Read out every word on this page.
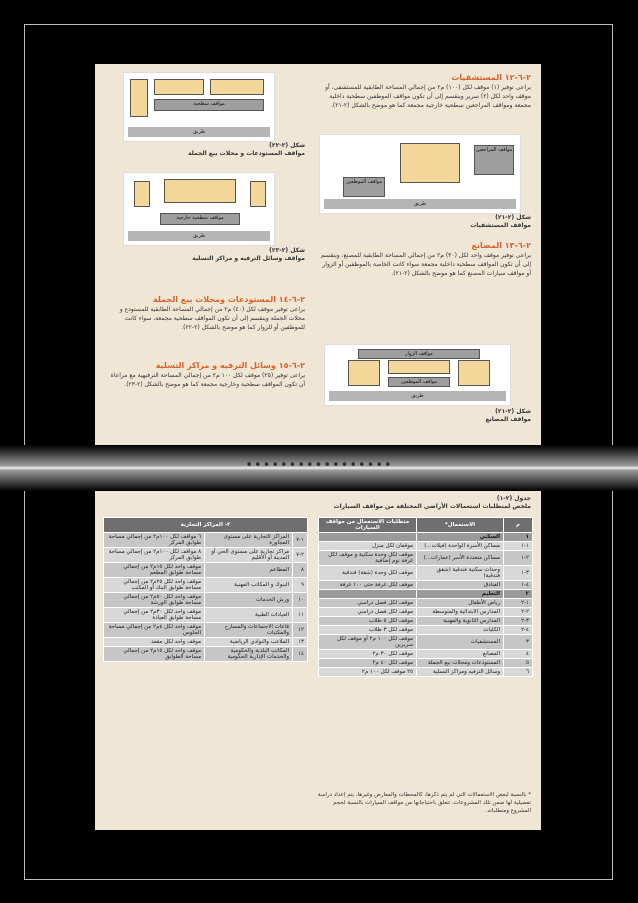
٢-٦-١٢ المستشفيات
يراعى توفير (١) موقف لكل (١٠٠) م٢ من إجمالي المساحة الطابقية للمستشفى، أو موقف واحد لكل (٢) سرير وينقسم إلى أن تكون مواقف الموظفين سطحية داخلية مجمعة ومواقف المراجعين سطحية خارجية مجمعة كما هو موضح بالشكل (٢-٢١).
مواقف المراجعين
مواقف الموظفين
طريق
شكل (٢-٢١)
مواقف المستشفيات
٢-٦-١٣ المصانع
يراعى توفير موقف واحد لكل (٣٠) م٢ من إجمالي المساحة الطابقية للمصنع، وينقسم إلى أن تكون المواقف سطحية داخلية مجمعة سواء كانت الخاصة بالموظفين أو الزوار أو مواقف سيارات المصنع كما هو موضح بالشكل (٢-٢١).
مواقف الزوار
مواقف الموظفين
طريق
شكل (٢-٢١)
مواقف المصانع
مواقف سطحية
طريق
شكل (٢-٢٢)
مواقف المستودعات و محلات بيع الجملة
مواقف سطحية خارجية
طريق
شكل (٢-٢٣)
مواقف وسائل الترفيه و مراكز التسلية
٢-٦-١٤ المستودعات ومحلات بيع الجملة
يراعى توفير موقف لكل (٤٠) م٢ من إجمالي المساحة الطابقية للمستودع و محلات الجملة وينقسم إلى أن تكون المواقف سطحية مجمعة، سواء كانت للموظفين أو للزوار كما هو موضح بالشكل (٢-٢٢).
٢-٦-١٥ وسائل الترفيه و مراكز التسلية
يراعى توفير (٢٥) موقف لكل ١٠٠ م٢ من إجمالي المساحة الترفيهية مع مراعاة أن تكون المواقف سطحية وخارجية مجمعة كما هو موضح بالشكل (٢-٢٣).
•••••••••••••••••
جدول (٢-١)
ملخص لمتطلبات استعمالات الأراضي المختلفة من مواقف السيارات
م	الاستعمال*	متطلبات الاستعمال من مواقف السيارات
١	السكني	
١-١	مساكن الأسرة الواحدة (فيلات...)	موقفان لكل منزل
٢-١	مساكن متعددة الأسر (عمارات...)	موقف لكل وحدة سكنية و موقف لكل غرفة نوم إضافية
٣-١	وحدات سكنية فندقية (شقق فندقية)	موقف لكل وحدة (شقة) فندقية
٤-١	الفنادق	موقف لكل غرفة حتى ١٠٠ غرفة
٢	التعليم	
١-٢	رياض الأطفال	موقف لكل فصل دراسي
٢-٢	المدارس الابتدائية والمتوسطة	موقف لكل فصل دراسي
٣-٢	المدارس الثانوية والمهنية	موقف لكل ٥ طلاب
٤-٢	الكليات	موقف لكل ٣ طلاب
٣	المستشفيات	موقف لكل ١٠٠ م٢ أو موقف لكل سريرين
٤	المصانع	موقف لكل ٣٠ م٢
٥	المستودعات ومحلات بيع الجملة	موقف لكل ٤٠ م٢
٦	وسائل الترفيه ومراكز التسلية	٢٥ موقف لكل ١٠٠ م٢
٢- المراكز التجارية		
١-٧	المراكز التجارية على مستوى المجاورة	٦ مواقف لكل ١٠٠م٢ من إجمالي مساحة طوابق المركز
٢-٧	مراكز تجارية على مستوى الحي أو المدينة أو الأقليم	٨ مواقف لكل ١٠٠م٢ من إجمالي مساحة طوابق المركز
٨	المطاعم	موقف واحد لكل ١٥م٢ من إجمالي مساحة طوابق المطعم
٩	البنوك و المكاتب المهنية	موقف واحد لكل ٢٥م٢ من إجمالي مساحة طوابق البنك أو المكتب
١٠	ورش الخدمات	موقف واحد لكل ٥٠م٢ من إجمالي مساحة طوابق الورشة
١١	العيادات الطبية	موقف واحد لكل ٣٠م٢ من إجمالي مساحة طوابق العيادة
١٢	قاعات الاجتماعات والمسارح والمكتبات	موقف واحد لكل ٤م٢ من إجمالي مساحة الجلوس
١٣	الملاعب والنوادي الرياضية	موقف واحد لكل مقعد
١٤	المكاتب البلدية والحكومية والخدمات الإدارية الحكومية	موقف واحد لكل ١٥م٢ من إجمالي مساحة الطوابق
* بالنسبة لبعض الاستعمالات التي لم يتم ذكرها، كالمحطات والمعارض وغيرها، يتم إعداد دراسة تفصيلية لها ضمن تلك المشروعات، تتعلق باحتياجاتها من مواقف السيارات بالنسبة لحجم المشروع ومتطلباته.
